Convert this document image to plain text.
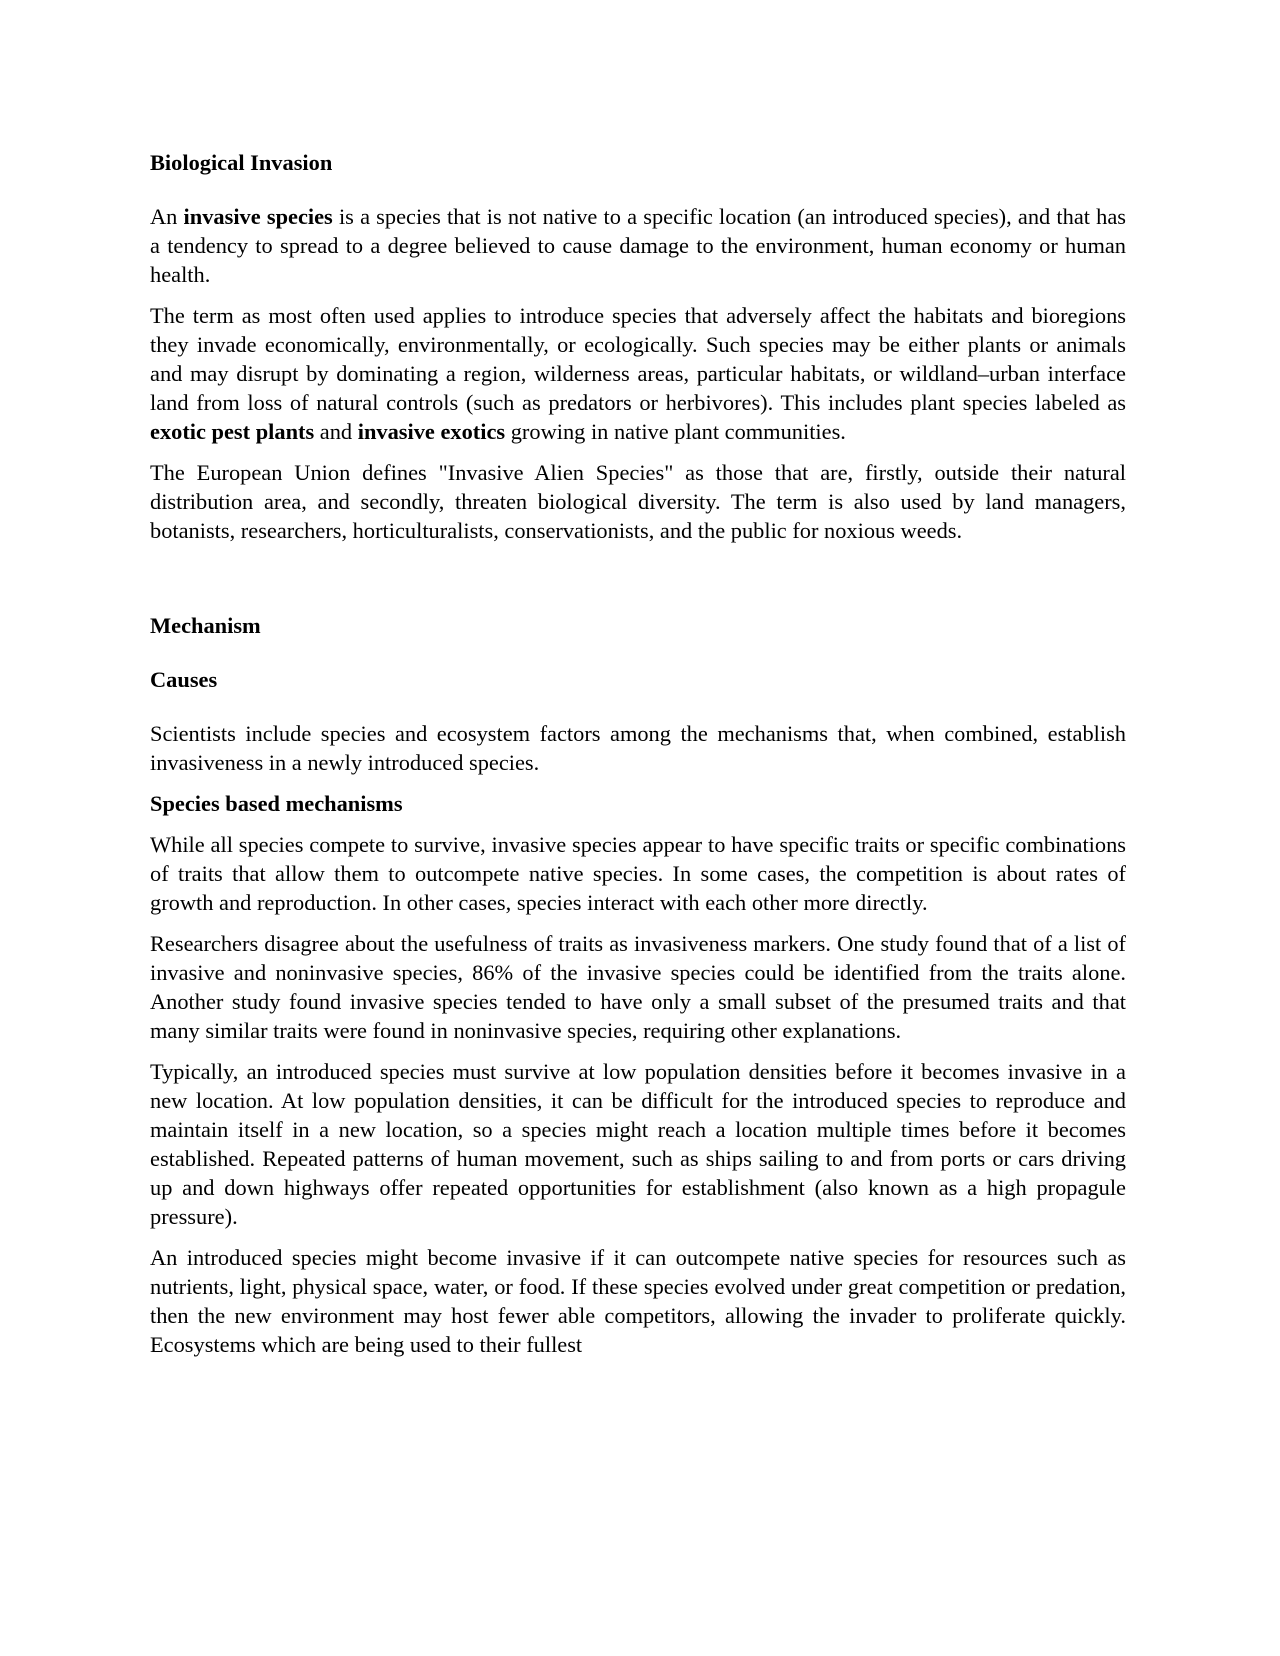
Biological Invasion

An invasive species is a species that is not native to a specific location (an introduced species), and that has a tendency to spread to a degree believed to cause damage to the environment, human economy or human health.

The term as most often used applies to introduce species that adversely affect the habitats and bioregions they invade economically, environmentally, or ecologically. Such species may be either plants or animals and may disrupt by dominating a region, wilderness areas, particular habitats, or wildland–urban interface land from loss of natural controls (such as predators or herbivores). This includes plant species labeled as exotic pest plants and invasive exotics growing in native plant communities.

The European Union defines "Invasive Alien Species" as those that are, firstly, outside their natural distribution area, and secondly, threaten biological diversity. The term is also used by land managers, botanists, researchers, horticulturalists, conservationists, and the public for noxious weeds.

Mechanism
Causes

Scientists include species and ecosystem factors among the mechanisms that, when combined, establish invasiveness in a newly introduced species.

Species based mechanisms

While all species compete to survive, invasive species appear to have specific traits or specific combinations of traits that allow them to outcompete native species. In some cases, the competition is about rates of growth and reproduction. In other cases, species interact with each other more directly.

Researchers disagree about the usefulness of traits as invasiveness markers. One study found that of a list of invasive and noninvasive species, 86% of the invasive species could be identified from the traits alone. Another study found invasive species tended to have only a small subset of the presumed traits and that many similar traits were found in noninvasive species, requiring other explanations.

Typically, an introduced species must survive at low population densities before it becomes invasive in a new location. At low population densities, it can be difficult for the introduced species to reproduce and maintain itself in a new location, so a species might reach a location multiple times before it becomes established. Repeated patterns of human movement, such as ships sailing to and from ports or cars driving up and down highways offer repeated opportunities for establishment (also known as a high propagule pressure).

An introduced species might become invasive if it can outcompete native species for resources such as nutrients, light, physical space, water, or food. If these species evolved under great competition or predation, then the new environment may host fewer able competitors, allowing the invader to proliferate quickly. Ecosystems which are being used to their fullest
